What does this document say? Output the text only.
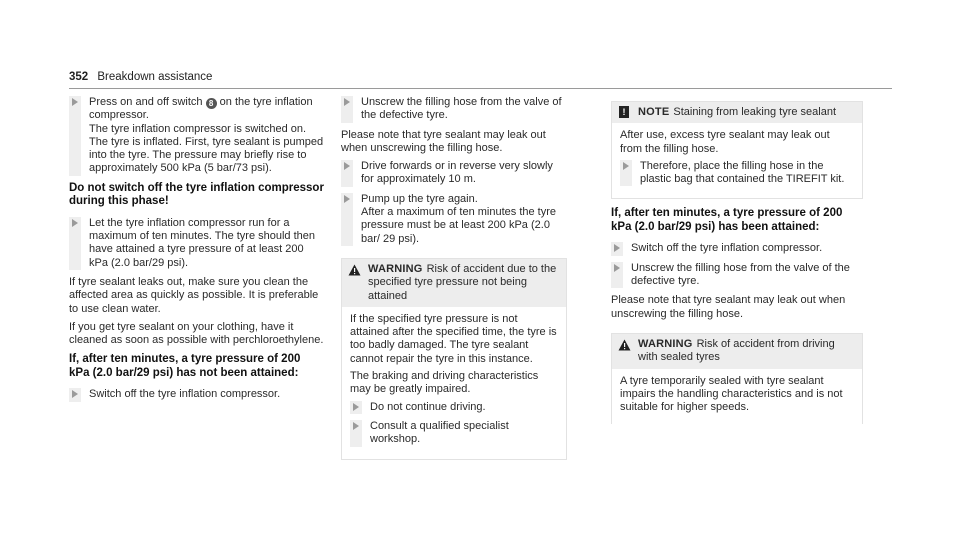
352 Breakdown assistance

Press on and off switch 8 on the tyre inflation compressor.

The tyre inflation compressor is switched on. The tyre is inflated. First, tyre sealant is pumped into the tyre. The pressure may briefly rise to approximately 500 kPa (5 bar/73 psi).

Do not switch off the tyre inflation compressor during this phase!

Let the tyre inflation compressor run for a maximum of ten minutes. The tyre should then have attained a tyre pressure of at least 200 kPa (2.0 bar/29 psi).

If tyre sealant leaks out, make sure you clean the affected area as quickly as possible. It is preferable to use clean water.

If you get tyre sealant on your clothing, have it cleaned as soon as possible with perchloroethylene.

If, after ten minutes, a tyre pressure of 200 kPa (2.0 bar/29 psi) has not been attained:

Switch off the tyre inflation compressor.

Unscrew the filling hose from the valve of the defective tyre.

Please note that tyre sealant may leak out when unscrewing the filling hose.

Drive forwards or in reverse very slowly for approximately 10 m.

Pump up the tyre again.

After a maximum of ten minutes the tyre pressure must be at least 200 kPa (2.0 bar/ 29 psi).

WARNING Risk of accident due to the specified tyre pressure not being attained

If the specified tyre pressure is not attained after the specified time, the tyre is too badly damaged. The tyre sealant cannot repair the tyre in this instance.

The braking and driving characteristics may be greatly impaired.

Do not continue driving.

Consult a qualified specialist workshop.

!	NOTE Staining from leaking tyre sealant

After use, excess tyre sealant may leak out from the filling hose.

Therefore, place the filling hose in the plastic bag that contained the TIREFIT kit.

If, after ten minutes, a tyre pressure of 200 kPa (2.0 bar/29 psi) has been attained:

Switch off the tyre inflation compressor.

Unscrew the filling hose from the valve of the defective tyre.

Please note that tyre sealant may leak out when unscrewing the filling hose.

WARNING Risk of accident from driving with sealed tyres

A tyre temporarily sealed with tyre sealant impairs the handling characteristics and is not suitable for higher speeds.
